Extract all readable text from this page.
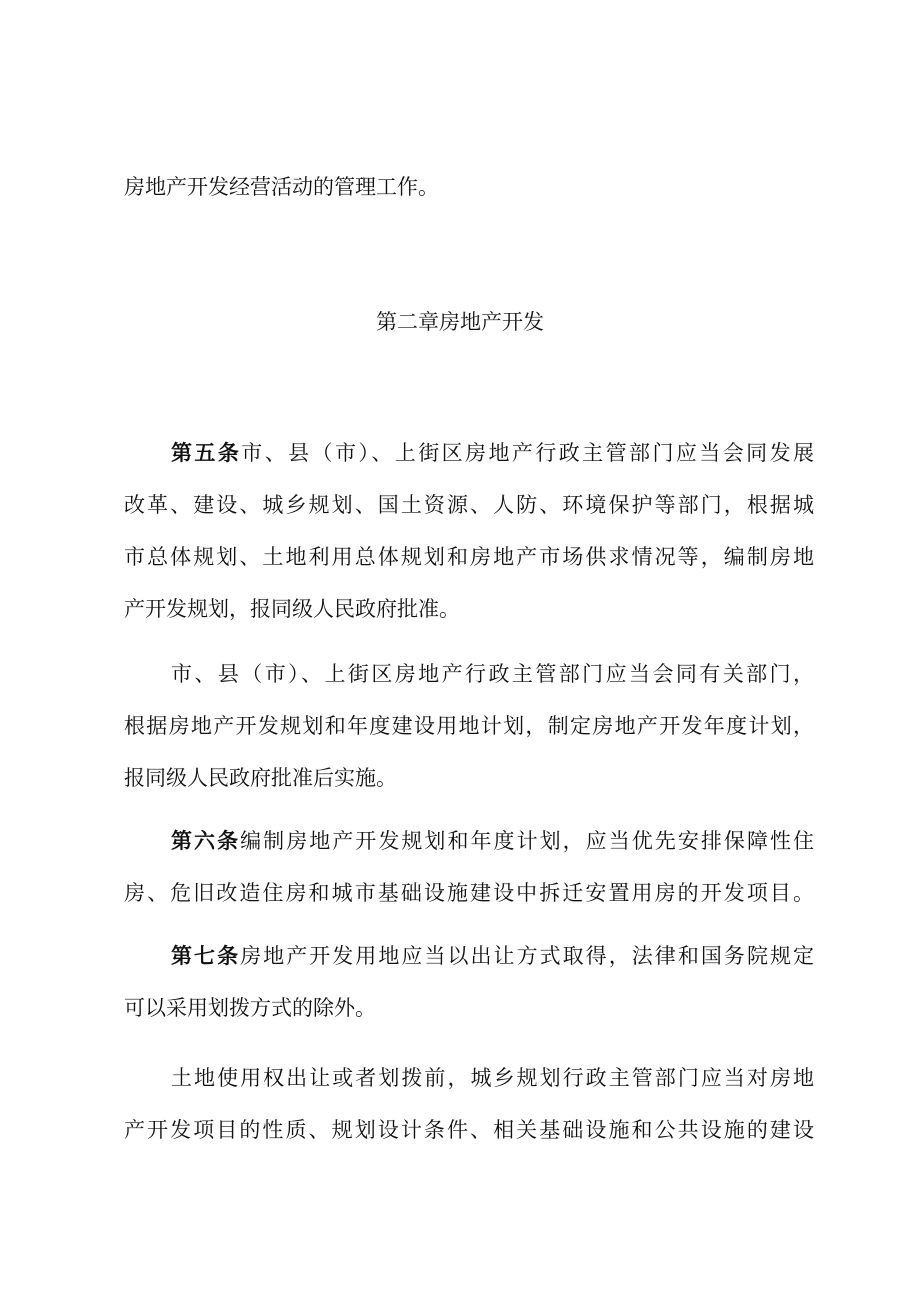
房地产开发经营活动的管理工作。
第二章房地产开发
第五条市、县（市）、上街区房地产行政主管部门应当会同发展
改革、建设、城乡规划、国土资源、人防、环境保护等部门，根据城
市总体规划、土地利用总体规划和房地产市场供求情况等，编制房地
产开发规划，报同级人民政府批准。
市、县（市）、上街区房地产行政主管部门应当会同有关部门，
根据房地产开发规划和年度建设用地计划，制定房地产开发年度计划，
报同级人民政府批准后实施。
第六条编制房地产开发规划和年度计划，应当优先安排保障性住
房、危旧改造住房和城市基础设施建设中拆迁安置用房的开发项目。
第七条房地产开发用地应当以出让方式取得，法律和国务院规定
可以采用划拨方式的除外。
土地使用权出让或者划拨前，城乡规划行政主管部门应当对房地
产开发项目的性质、规划设计条件、相关基础设施和公共设施的建设
